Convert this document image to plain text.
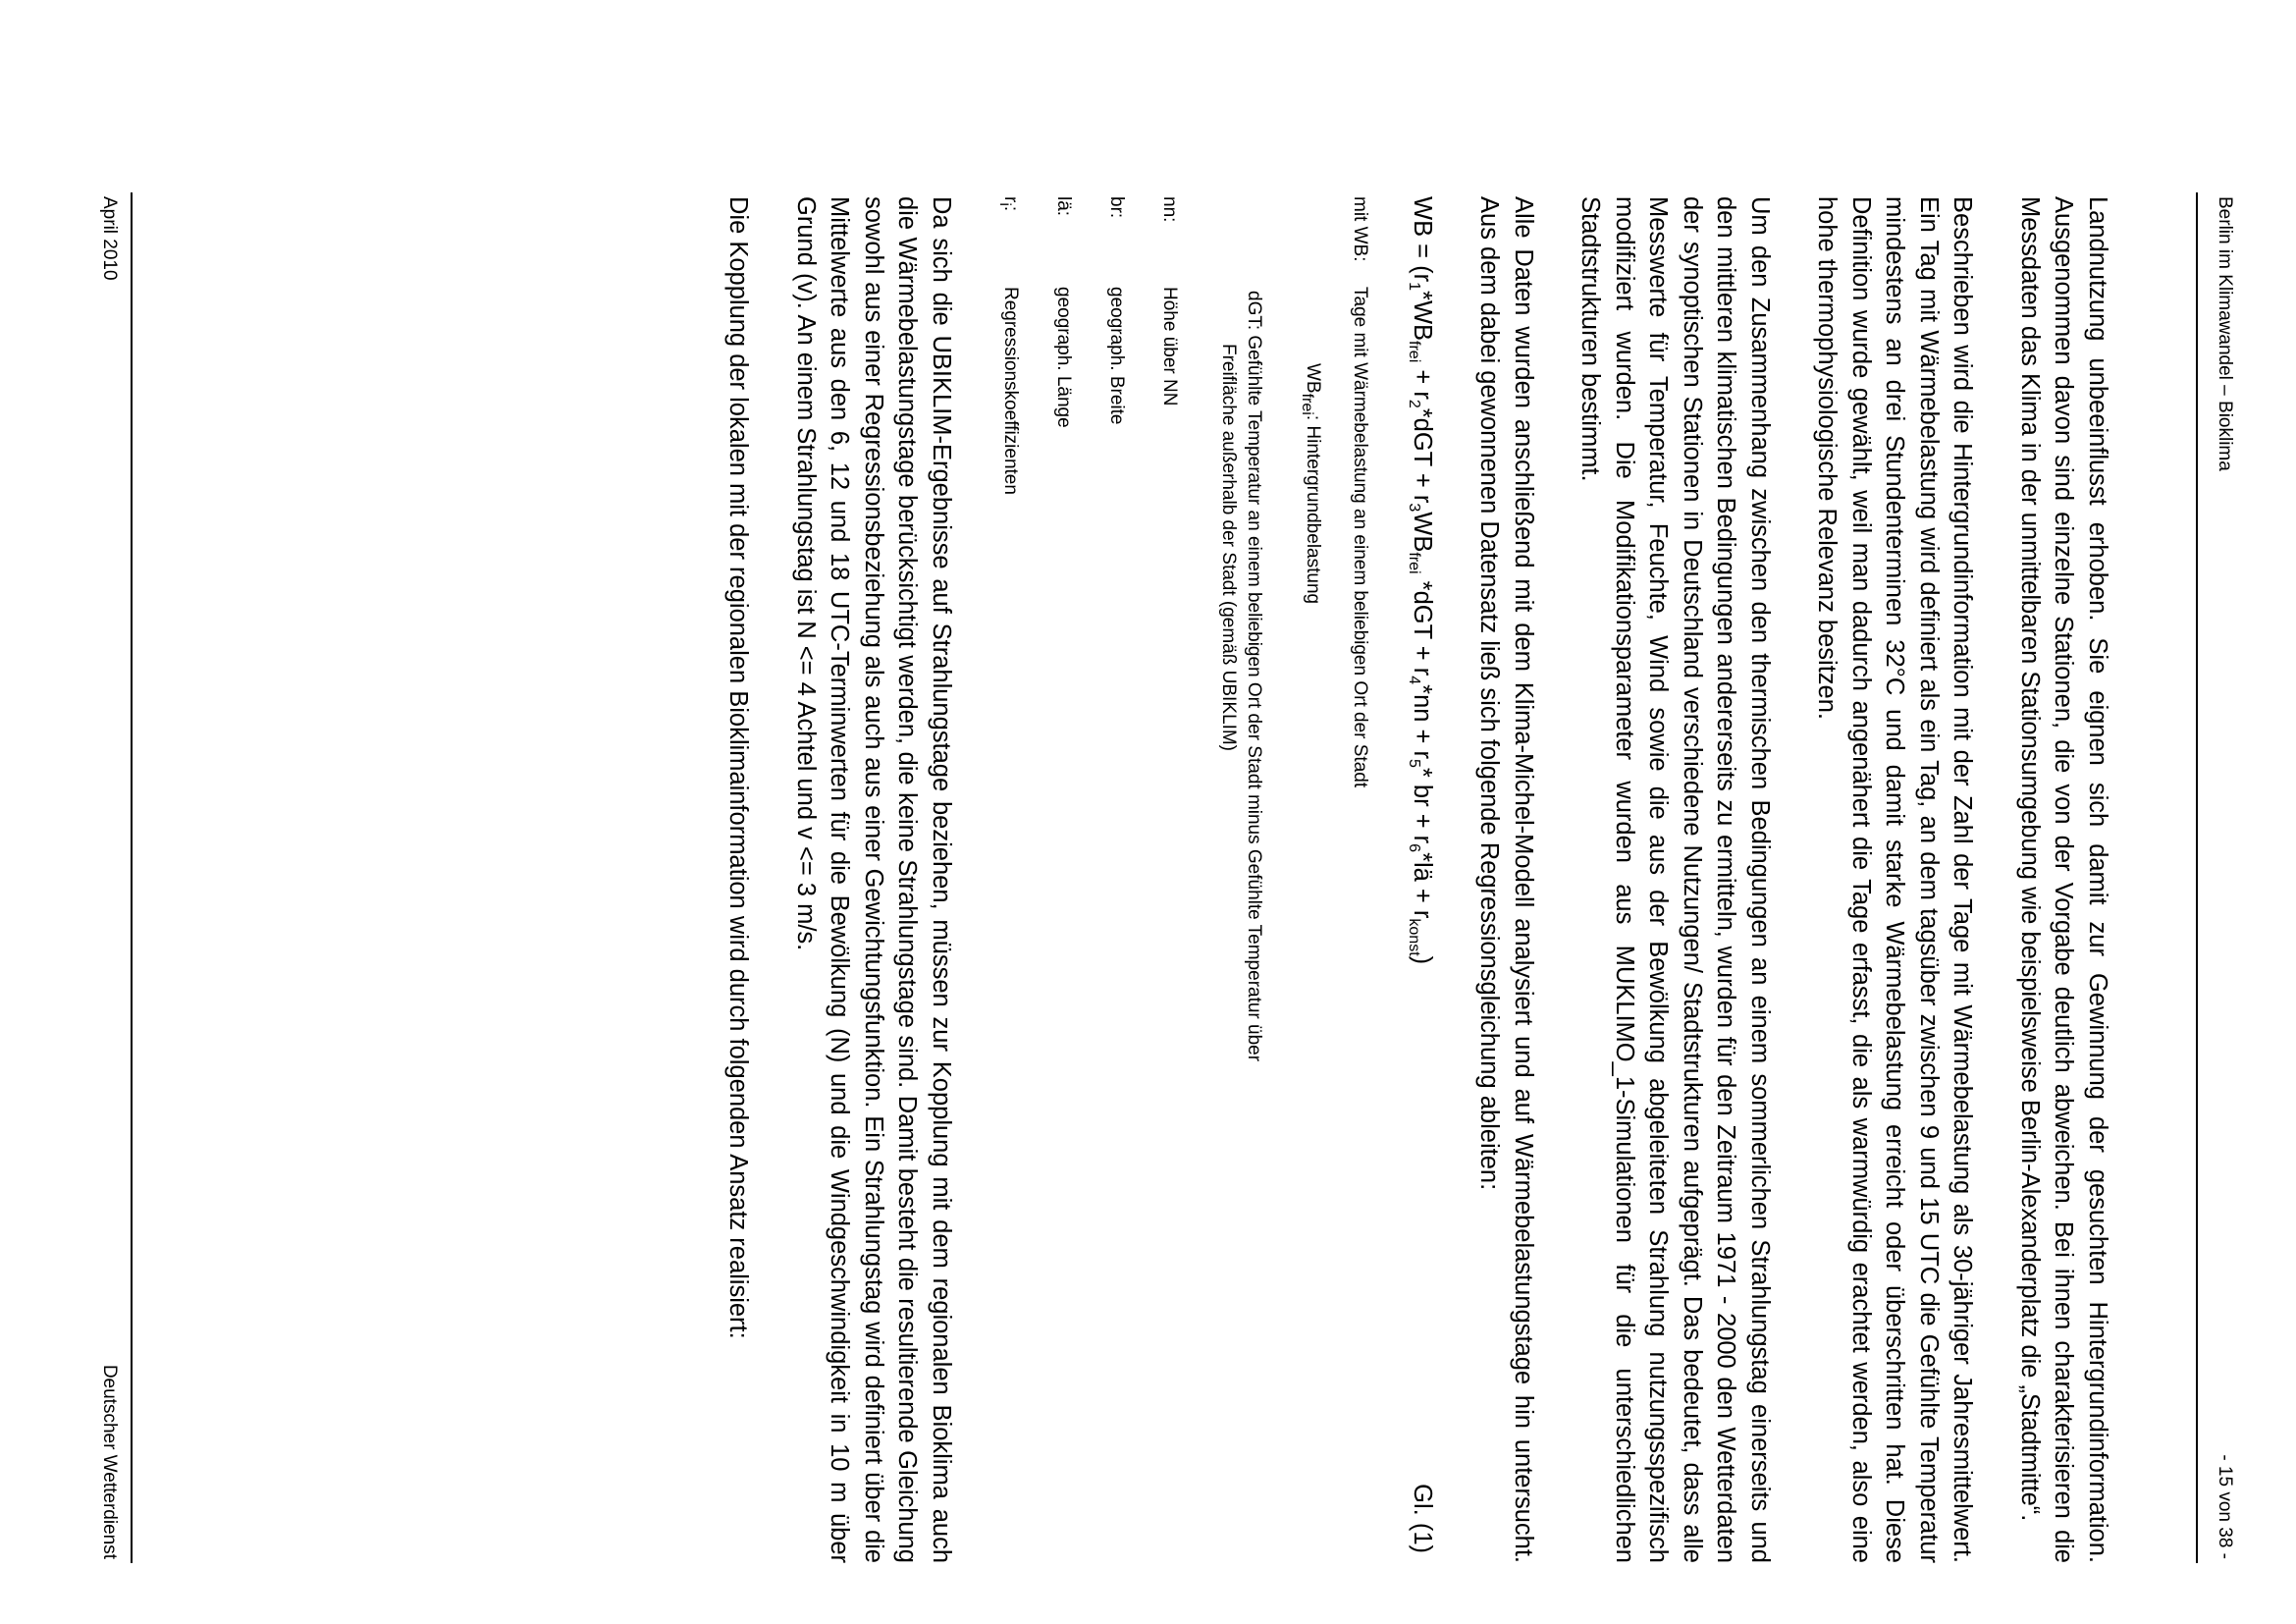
Berlin im Klimawandel – Bioklima
- 15 von 38 -

Landnutzung unbeeinflusst erhoben. Sie eignen sich damit zur Gewinnung der gesuchten Hintergrundinformation. Ausgenommen davon sind einzelne Stationen, die von der Vorgabe deutlich abweichen. Bei ihnen charakterisieren die Messdaten das Klima in der unmittelbaren Stationsumgebung wie beispielsweise Berlin-Alexanderplatz die „Stadtmitte“.

Beschrieben wird die Hintergrundinformation mit der Zahl der Tage mit Wärmebelastung als 30-jähriger Jahresmittelwert. Ein Tag mit Wärmebelastung wird definiert als ein Tag, an dem tagsüber zwischen 9 und 15 UTC die Gefühlte Temperatur mindestens an drei Stundenterminen 32°C und damit starke Wärmebelastung erreicht oder überschritten hat. Diese Definition wurde gewählt, weil man dadurch angenähert die Tage erfasst, die als warmwürdig erachtet werden, also eine hohe thermophysiologische Relevanz besitzen.

Um den Zusammenhang zwischen den thermischen Bedingungen an einem sommerlichen Strahlungstag einerseits und den mittleren klimatischen Bedingungen andererseits zu ermitteln, wurden für den Zeitraum 1971 - 2000 den Wetterdaten der synoptischen Stationen in Deutschland verschiedene Nutzungen/ Stadtstrukturen aufgeprägt. Das bedeutet, dass alle Messwerte für Temperatur, Feuchte, Wind sowie die aus der Bewölkung abgeleiteten Strahlung nutzungsspezifisch modifiziert wurden. Die Modifikationsparameter wurden aus MUKLIMO_1-Simulationen für die unterschiedlichen Stadtstrukturen bestimmt.

Alle Daten wurden anschließend mit dem Klima-Michel-Modell analysiert und auf Wärmebelastungstage hin untersucht. Aus dem dabei gewonnenen Datensatz ließ sich folgende Regressionsgleichung ableiten:

WB = ($r_1*WB_{frei} + r_2*dGT + r_3WB_{frei}$ $*dGT + r_4*nn + r_5*$ br + $r_6*lä + r_{konst}$)
Gl. (1)
mit WB:
Tage mit Wärmebelastung an einem beliebigen Ort der Stadt
$WB_{frei}$: Hintergrundbelastung
dGT: Gefühlte Temperatur an einem beliebigen Ort der Stadt minus Gefühlte Temperatur über
Freifläche außerhalb der Stadt (gemäß UBIKLIM)
nn:
Höhe über NN
br:
geograph. Breite
lä:
geograph. Länge
$r_i$:
Regressionskoeffizienten

Da sich die UBIKLIM-Ergebnisse auf Strahlungstage beziehen, müssen zur Kopplung mit dem regionalen Bioklima auch die Wärmebelastungstage berücksichtigt werden, die keine Strahlungstage sind. Damit besteht die resultierende Gleichung sowohl aus einer Regressionsbeziehung als auch aus einer Gewichtungsfunktion. Ein Strahlungstag wird definiert über die Mittelwerte aus den 6, 12 und 18 UTC-Terminwerten für die Bewölkung (N) und die Windgeschwindigkeit in 10 m über Grund (v). An einem Strahlungstag ist N <= 4 Achtel und v <= 3 m/s.

Die Kopplung der lokalen mit der regionalen Bioklimainformation wird durch folgenden Ansatz realisiert:

April 2010
Deutscher Wetterdienst
